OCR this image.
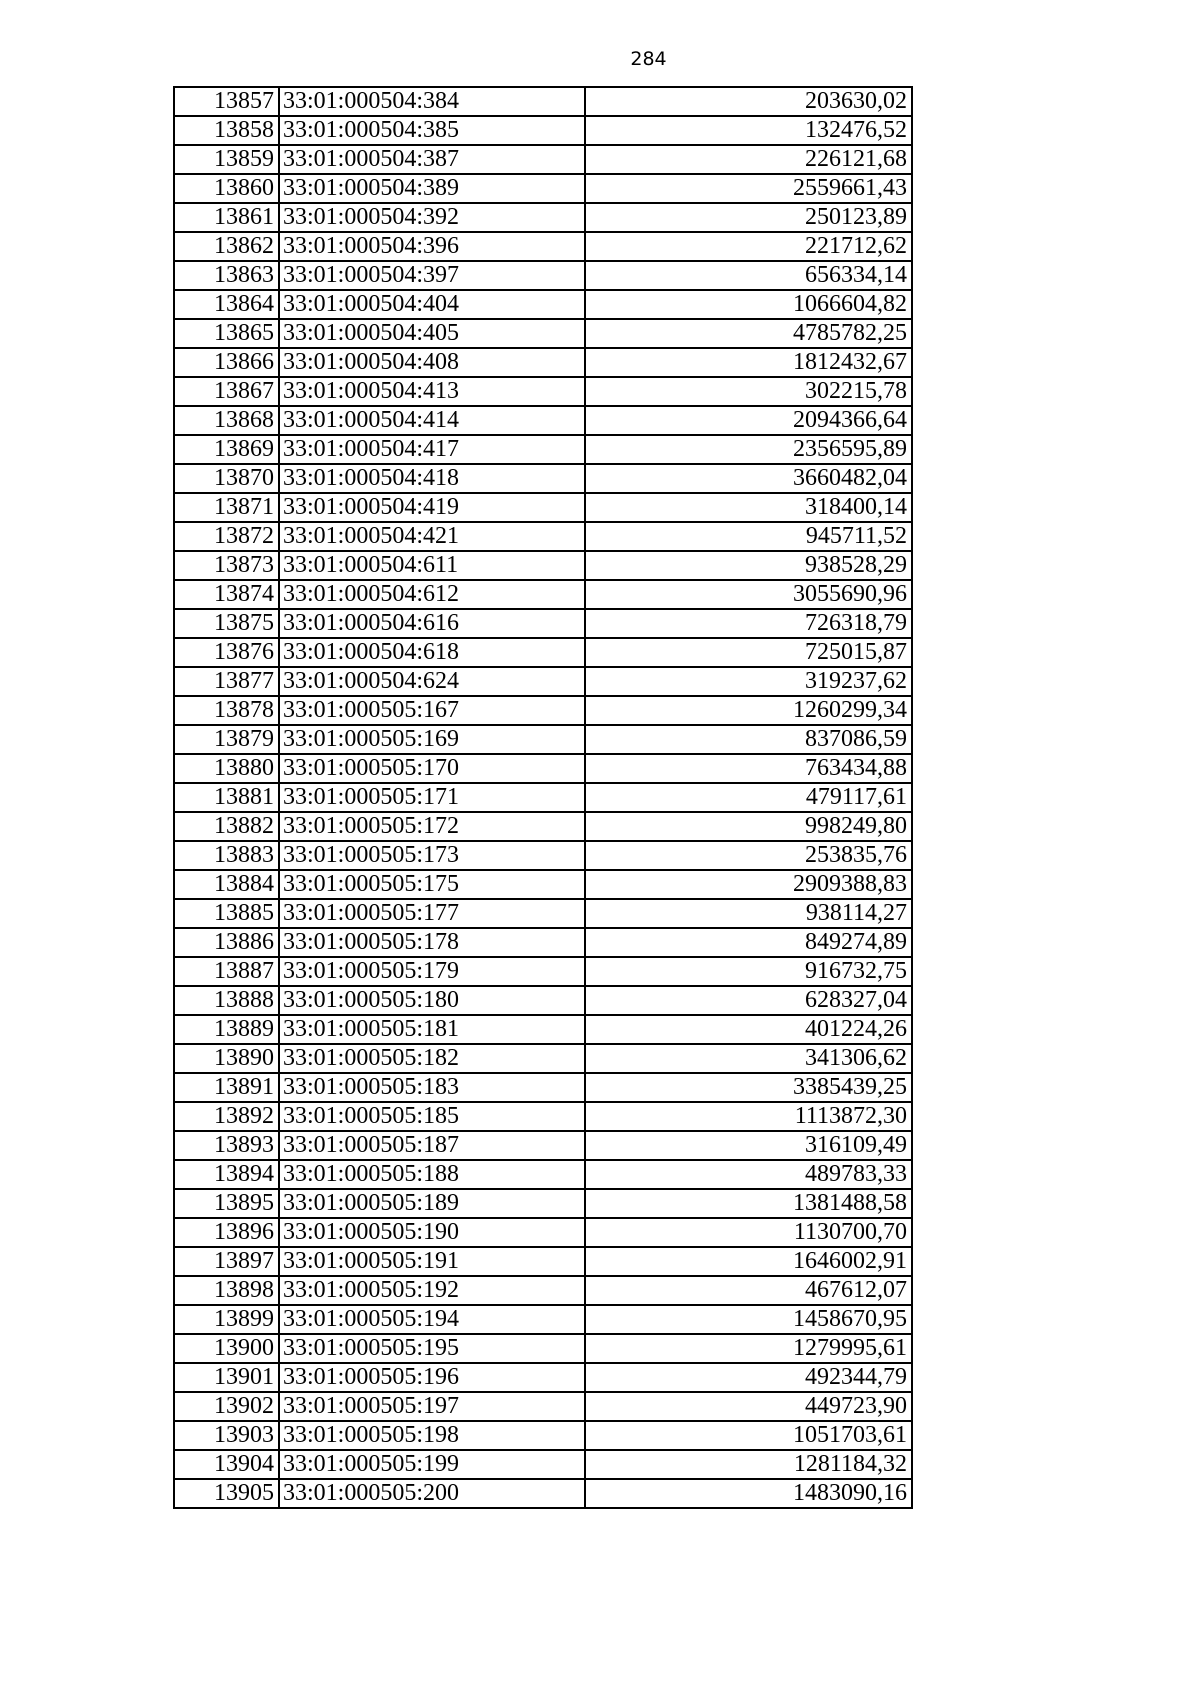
284
13857	33:01:000504:384	203630,02
13858	33:01:000504:385	132476,52
13859	33:01:000504:387	226121,68
13860	33:01:000504:389	2559661,43
13861	33:01:000504:392	250123,89
13862	33:01:000504:396	221712,62
13863	33:01:000504:397	656334,14
13864	33:01:000504:404	1066604,82
13865	33:01:000504:405	4785782,25
13866	33:01:000504:408	1812432,67
13867	33:01:000504:413	302215,78
13868	33:01:000504:414	2094366,64
13869	33:01:000504:417	2356595,89
13870	33:01:000504:418	3660482,04
13871	33:01:000504:419	318400,14
13872	33:01:000504:421	945711,52
13873	33:01:000504:611	938528,29
13874	33:01:000504:612	3055690,96
13875	33:01:000504:616	726318,79
13876	33:01:000504:618	725015,87
13877	33:01:000504:624	319237,62
13878	33:01:000505:167	1260299,34
13879	33:01:000505:169	837086,59
13880	33:01:000505:170	763434,88
13881	33:01:000505:171	479117,61
13882	33:01:000505:172	998249,80
13883	33:01:000505:173	253835,76
13884	33:01:000505:175	2909388,83
13885	33:01:000505:177	938114,27
13886	33:01:000505:178	849274,89
13887	33:01:000505:179	916732,75
13888	33:01:000505:180	628327,04
13889	33:01:000505:181	401224,26
13890	33:01:000505:182	341306,62
13891	33:01:000505:183	3385439,25
13892	33:01:000505:185	1113872,30
13893	33:01:000505:187	316109,49
13894	33:01:000505:188	489783,33
13895	33:01:000505:189	1381488,58
13896	33:01:000505:190	1130700,70
13897	33:01:000505:191	1646002,91
13898	33:01:000505:192	467612,07
13899	33:01:000505:194	1458670,95
13900	33:01:000505:195	1279995,61
13901	33:01:000505:196	492344,79
13902	33:01:000505:197	449723,90
13903	33:01:000505:198	1051703,61
13904	33:01:000505:199	1281184,32
13905	33:01:000505:200	1483090,16
